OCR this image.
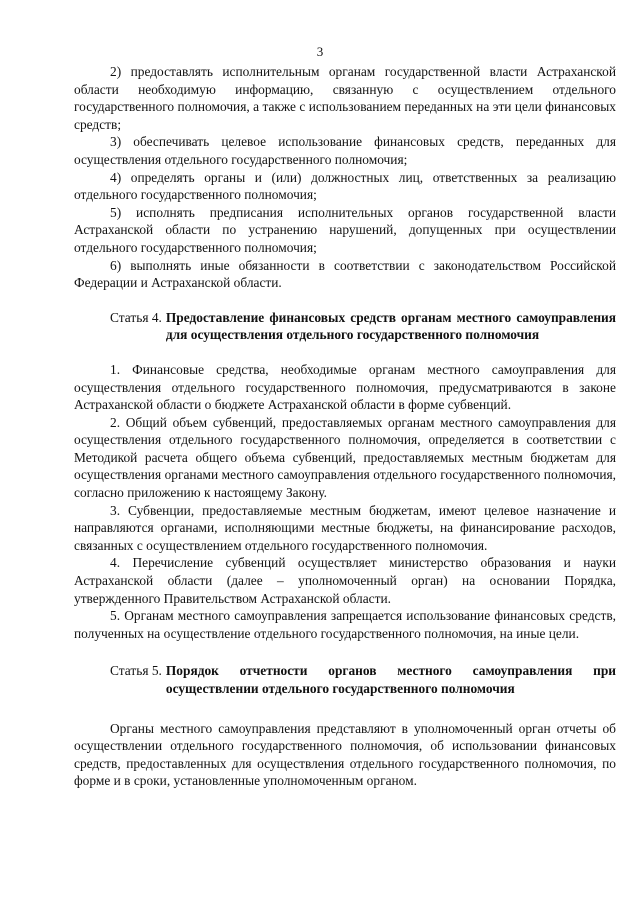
3

2) предоставлять исполнительным органам государственной власти Астраханской области необходимую информацию, связанную с осуществлением отдельного государственного полномочия, а также с использованием переданных на эти цели финансовых средств;

3) обеспечивать целевое использование финансовых средств, переданных для осуществления отдельного государственного полномочия;

4) определять органы и (или) должностных лиц, ответственных за реализацию отдельного государственного полномочия;

5) исполнять предписания исполнительных органов государственной власти Астраханской области по устранению нарушений, допущенных при осуществлении отдельного государственного полномочия;

6) выполнять иные обязанности в соответствии с законодательством Российской Федерации и Астраханской области.

Статья 4. Предоставление финансовых средств органам местного самоуправления для осуществления отдельного государственного полномочия

1. Финансовые средства, необходимые органам местного самоуправления для осуществления отдельного государственного полномочия, предусматриваются в законе Астраханской области о бюджете Астраханской области в форме субвенций.

2. Общий объем субвенций, предоставляемых органам местного самоуправления для осуществления отдельного государственного полномочия, определяется в соответствии с Методикой расчета общего объема субвенций, предоставляемых местным бюджетам для осуществления органами местного самоуправления отдельного государственного полномочия, согласно приложению к настоящему Закону.

3. Субвенции, предоставляемые местным бюджетам, имеют целевое назначение и направляются органами, исполняющими местные бюджеты, на финансирование расходов, связанных с осуществлением отдельного государственного полномочия.

4. Перечисление субвенций осуществляет министерство образования и науки Астраханской области (далее – уполномоченный орган) на основании Порядка, утвержденного Правительством Астраханской области.

5. Органам местного самоуправления запрещается использование финансовых средств, полученных на осуществление отдельного государственного полномочия, на иные цели.

Статья 5. Порядок отчетности органов местного самоуправления при осуществлении отдельного государственного полномочия

Органы местного самоуправления представляют в уполномоченный орган отчеты об осуществлении отдельного государственного полномочия, об использовании финансовых средств, предоставленных для осуществления отдельного государственного полномочия, по форме и в сроки, установленные уполномоченным органом.
